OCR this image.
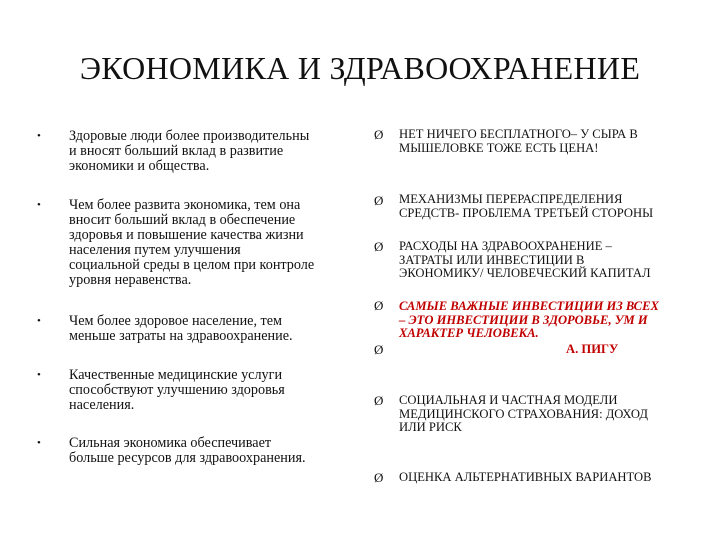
ЭКОНОМИКА И ЗДРАВООХРАНЕНИЕ
• Здоровые люди более производительны
и вносят больший вклад в развитие
экономики и общества.
• Чем более развита экономика, тем она
вносит больший вклад в обеспечение
здоровья и повышение качества жизни
населения путем улучшения
социальной среды в целом при контроле
уровня неравенства.
• Чем более здоровое население, тем
меньше затраты на здравоохранение.
• Качественные медицинские услуги
способствуют улучшению здоровья
населения.
• Сильная экономика обеспечивает
больше ресурсов для здравоохранения.
Ø НЕТ НИЧЕГО БЕСПЛАТНОГО– У СЫРА В
МЫШЕЛОВКЕ ТОЖЕ ЕСТЬ ЦЕНА!
Ø МЕХАНИЗМЫ ПЕРЕРАСПРЕДЕЛЕНИЯ
СРЕДСТВ- ПРОБЛЕМА ТРЕТЬЕЙ СТОРОНЫ
Ø РАСХОДЫ НА ЗДРАВООХРАНЕНИЕ –
ЗАТРАТЫ ИЛИ ИНВЕСТИЦИИ В
ЭКОНОМИКУ/ ЧЕЛОВЕЧЕСКИЙ КАПИТАЛ
Ø САМЫЕ ВАЖНЫЕ ИНВЕСТИЦИИ ИЗ ВСЕХ
– ЭТО ИНВЕСТИЦИИ В ЗДОРОВЬЕ, УМ И
ХАРАКТЕР ЧЕЛОВЕКА.
Ø	А. ПИГУ
Ø СОЦИАЛЬНАЯ И ЧАСТНАЯ МОДЕЛИ
МЕДИЦИНСКОГО СТРАХОВАНИЯ: ДОХОД
ИЛИ РИСК
Ø ОЦЕНКА АЛЬТЕРНАТИВНЫХ ВАРИАНТОВ
